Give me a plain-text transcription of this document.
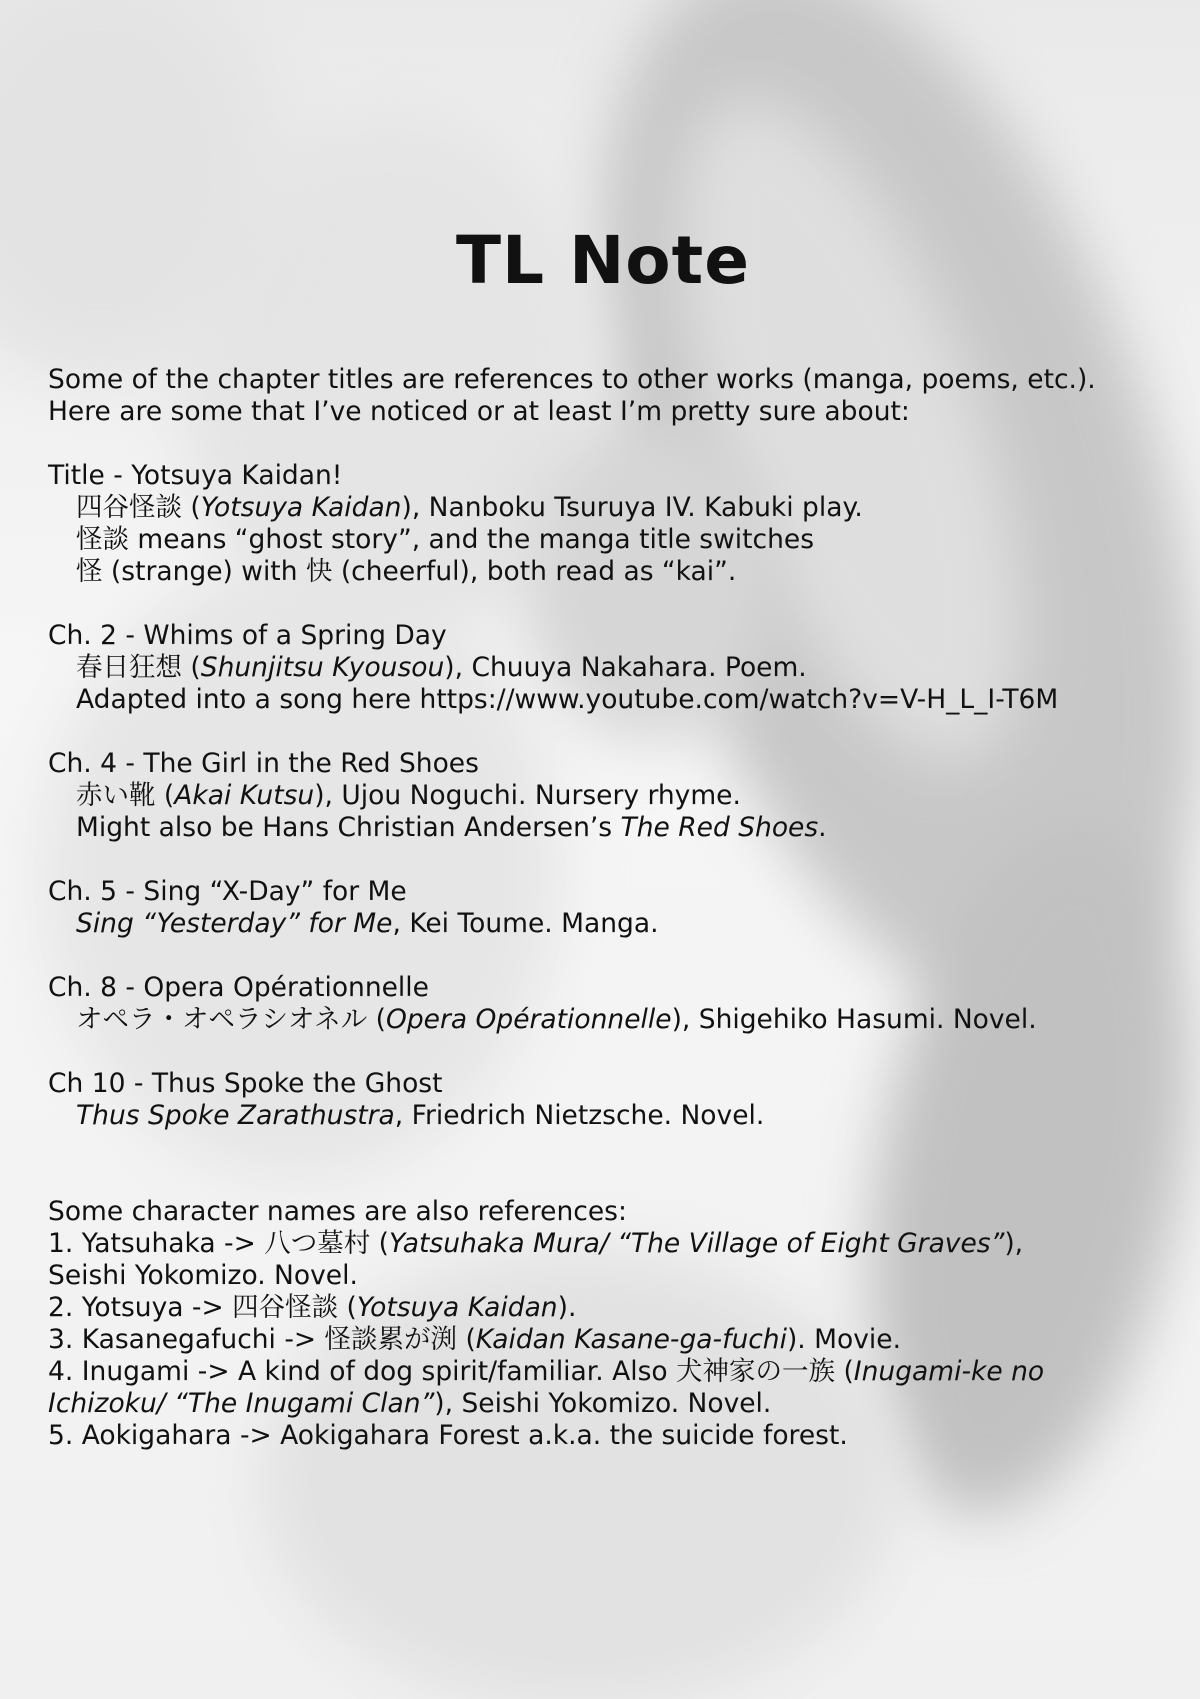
TL Note
Some of the chapter titles are references to other works (manga, poems, etc.).
Here are some that I’ve noticed or at least I’m pretty sure about:
Title - Yotsuya Kaidan!
四谷怪談 (Yotsuya Kaidan), Nanboku Tsuruya IV. Kabuki play.
怪談 means “ghost story”, and the manga title switches
怪 (strange) with 快 (cheerful), both read as “kai”.
Ch. 2 - Whims of a Spring Day
春日狂想 (Shunjitsu Kyousou), Chuuya Nakahara. Poem.
Adapted into a song here https://www.youtube.com/watch?v=V-H_L_I-T6M
Ch. 4 - The Girl in the Red Shoes
赤い靴 (Akai Kutsu), Ujou Noguchi. Nursery rhyme.
Might also be Hans Christian Andersen’s The Red Shoes.
Ch. 5 - Sing “X-Day” for Me
Sing “Yesterday” for Me, Kei Toume. Manga.
Ch. 8 - Opera Opérationnelle
オペラ・オペラシオネル (Opera Opérationnelle), Shigehiko Hasumi. Novel.
Ch 10 - Thus Spoke the Ghost
Thus Spoke Zarathustra, Friedrich Nietzsche. Novel.
Some character names are also references:
1. Yatsuhaka -> 八つ墓村 (Yatsuhaka Mura/ “The Village of Eight Graves”),
Seishi Yokomizo. Novel.
2. Yotsuya -> 四谷怪談 (Yotsuya Kaidan).
3. Kasanegafuchi -> 怪談累が渕 (Kaidan Kasane-ga-fuchi). Movie.
4. Inugami -> A kind of dog spirit/familiar. Also 犬神家の一族 (Inugami-ke no
Ichizoku/ “The Inugami Clan”), Seishi Yokomizo. Novel.
5. Aokigahara -> Aokigahara Forest a.k.a. the suicide forest.
